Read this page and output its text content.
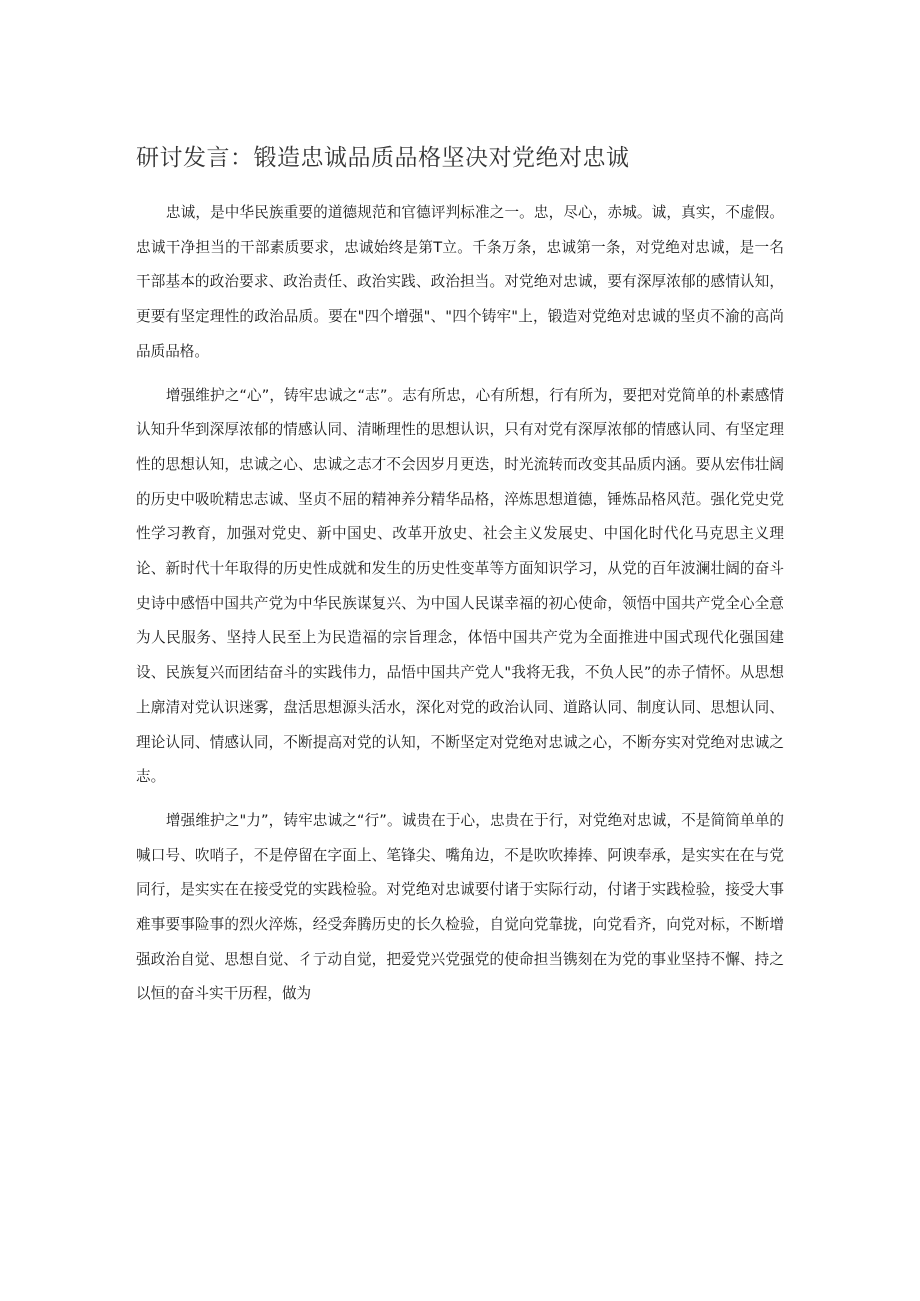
研讨发言：锻造忠诚品质品格坚决对党绝对忠诚

忠诚，是中华民族重要的道德规范和官德评判标准之一。忠，尽心，赤城。诚，真实，不虚假。忠诚干净担当的干部素质要求，忠诚始终是第T立。千条万条，忠诚第一条，对党绝对忠诚，是一名干部基本的政治要求、政治责任、政治实践、政治担当。对党绝对忠诚，要有深厚浓郁的感情认知，更要有坚定理性的政治品质。要在"四个增强"、"四个铸牢"上，锻造对党绝对忠诚的坚贞不渝的高尚品质品格。

增强维护之“心”，铸牢忠诚之“志”。志有所忠，心有所想，行有所为，要把对党简单的朴素感情认知升华到深厚浓郁的情感认同、清晰理性的思想认识，只有对党有深厚浓郁的情感认同、有坚定理性的思想认知，忠诚之心、忠诚之志才不会因岁月更迭，时光流转而改变其品质内涵。要从宏伟壮阔的历史中吸吮精忠志诚、坚贞不屈的精神养分精华品格，淬炼思想道德，锤炼品格风范。强化党史党性学习教育，加强对党史、新中国史、改革开放史、社会主义发展史、中国化时代化马克思主义理论、新时代十年取得的历史性成就和发生的历史性变革等方面知识学习，从党的百年波澜壮阔的奋斗史诗中感悟中国共产党为中华民族谋复兴、为中国人民谋幸福的初心使命，领悟中国共产党全心全意为人民服务、坚持人民至上为民造福的宗旨理念，体悟中国共产党为全面推进中国式现代化强国建设、民族复兴而团结奋斗的实践伟力，品悟中国共产党人"我将无我，不负人民”的赤子情怀。从思想上廓清对党认识迷雾，盘活思想源头活水，深化对党的政治认同、道路认同、制度认同、思想认同、理论认同、情感认同，不断提高对党的认知，不断坚定对党绝对忠诚之心，不断夯实对党绝对忠诚之志。

增强维护之"力”，铸牢忠诚之“行”。诚贵在于心，忠贵在于行，对党绝对忠诚，不是简简单单的喊口号、吹哨子，不是停留在字面上、笔锋尖、嘴角边，不是吹吹捧捧、阿谀奉承，是实实在在与党同行，是实实在在接受党的实践检验。对党绝对忠诚要付诸于实际行动，付诸于实践检验，接受大事难事要事险事的烈火淬炼，经受奔腾历史的长久检验，自觉向党靠拢，向党看齐，向党对标，不断增强政治自觉、思想自觉、彳亍动自觉，把爱党兴党强党的使命担当镌刻在为党的事业坚持不懈、持之以恒的奋斗实干历程，做为
